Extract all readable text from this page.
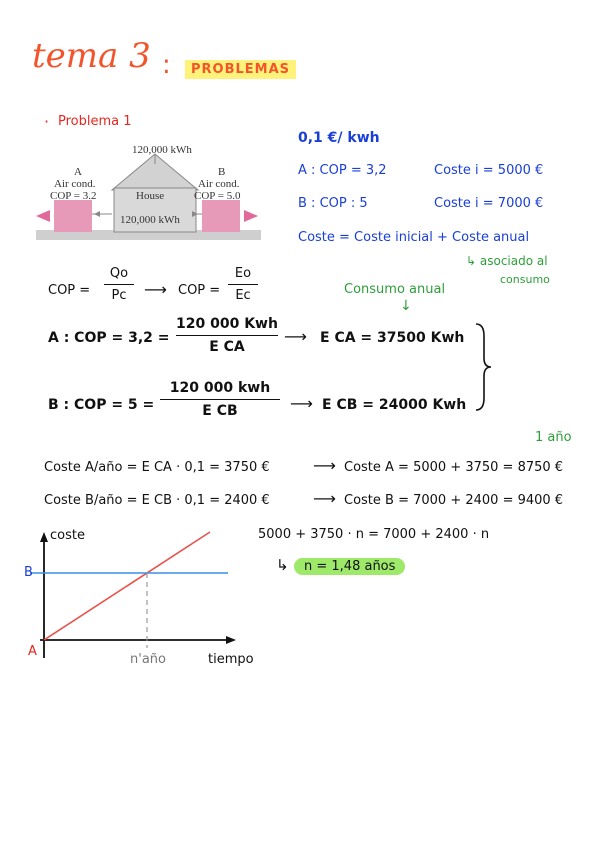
tema 3 :	PROBLEMAS
· Problema 1
120,000 kWh
House
120,000 kWh
A
Air cond.
COP = 3.2
B
Air cond.
COP = 5.0
0,1 €/ kwh
A : COP = 3,2	Coste i = 5000 €
B : COP : 5	Coste i = 7000 €
Coste = Coste inicial + Coste anual
↳ asociado al
consumo
COP =
Qo
Pc	⟶ COP =
Eo
Ec	Consumo anual
↓
A : COP = 3,2 =
120 000 Kwh
E CA
⟶ E CA = 37500 Kwh
B : COP = 5 =
120 000 kwh
E CB	⟶ E CB = 24000 Kwh
1 año
Coste A/año = E CA · 0,1 = 3750 €	⟶ Coste A = 5000 + 3750 = 8750 €
Coste B/año = E CB · 0,1 = 2400 €	⟶ Coste B = 7000 + 2400 = 9400 €
5000 + 3750 · n = 7000 + 2400 · n
↳	n = 1,48 años
coste
tiempo
n'año
B
A
